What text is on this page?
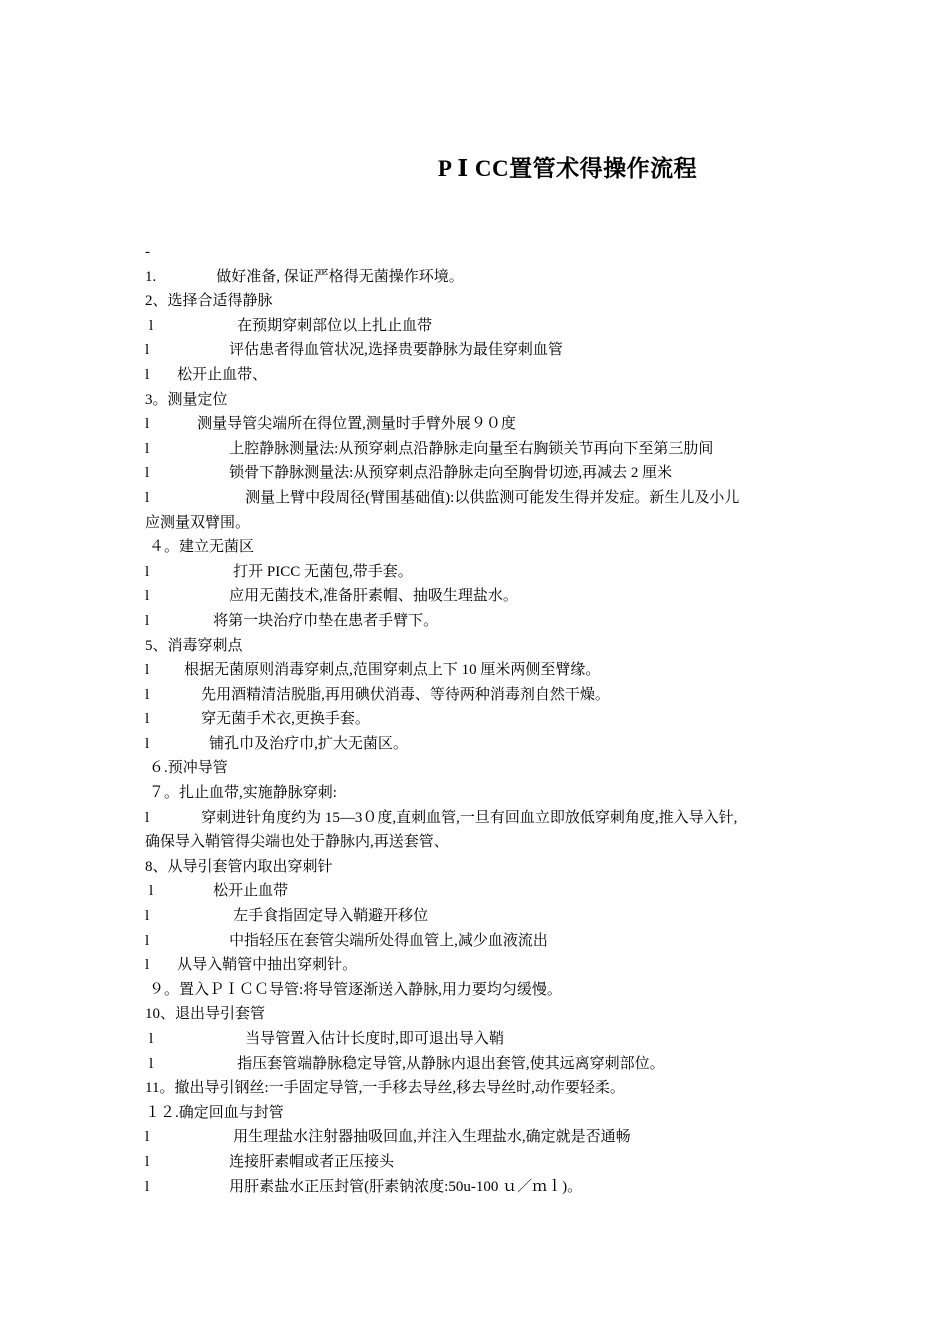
P Ⅰ CC置管术得操作流程
-
1.	做好准备, 保证严格得无菌操作环境。
2、选择合适得静脉
l	在预期穿刺部位以上扎止血带
l	评估患者得血管状况,选择贵要静脉为最佳穿刺血管
l 松开止血带、
3。测量定位
l	测量导管尖端所在得位置,测量时手臂外展９０度
l	上腔静脉测量法:从预穿刺点沿静脉走向量至右胸锁关节再向下至第三肋间
l	锁骨下静脉测量法:从预穿刺点沿静脉走向至胸骨切迹,再减去 2 厘米
l	测量上臂中段周径(臂围基础值):以供监测可能发生得并发症。新生儿及小儿
应测量双臂围。
４。建立无菌区
l	打开 PICC 无菌包,带手套。
l	应用无菌技术,准备肝素帽、抽吸生理盐水。
l	将第一块治疗巾垫在患者手臂下。
5、消毒穿刺点
l 根据无菌原则消毒穿刺点,范围穿刺点上下 10 厘米两侧至臂缘。
l	先用酒精清洁脱脂,再用碘伏消毒、等待两种消毒剂自然干燥。
l	穿无菌手术衣,更换手套。
l	铺孔巾及治疗巾,扩大无菌区。
６.预冲导管
７。扎止血带,实施静脉穿刺:
l	穿刺进针角度约为 15—3０度,直刺血管,一旦有回血立即放低穿刺角度,推入导入针,
确保导入鞘管得尖端也处于静脉内,再送套管、
8、从导引套管内取出穿刺针
l	松开止血带
l	左手食指固定导入鞘避开移位
l	中指轻压在套管尖端所处得血管上,减少血液流出
l 从导入鞘管中抽出穿刺针。
９。置入ＰＩＣＣ导管:将导管逐渐送入静脉,用力要均匀缓慢。
10、退出导引套管
l	当导管置入估计长度时,即可退出导入鞘
l	指压套管端静脉稳定导管,从静脉内退出套管,使其远离穿刺部位。
11。撤出导引钢丝:一手固定导管,一手移去导丝,移去导丝时,动作要轻柔。
１２.确定回血与封管
l	用生理盐水注射器抽吸回血,并注入生理盐水,确定就是否通畅
l	连接肝素帽或者正压接头
l	用肝素盐水正压封管(肝素钠浓度:50u-100 ｕ／ｍｌ)。
